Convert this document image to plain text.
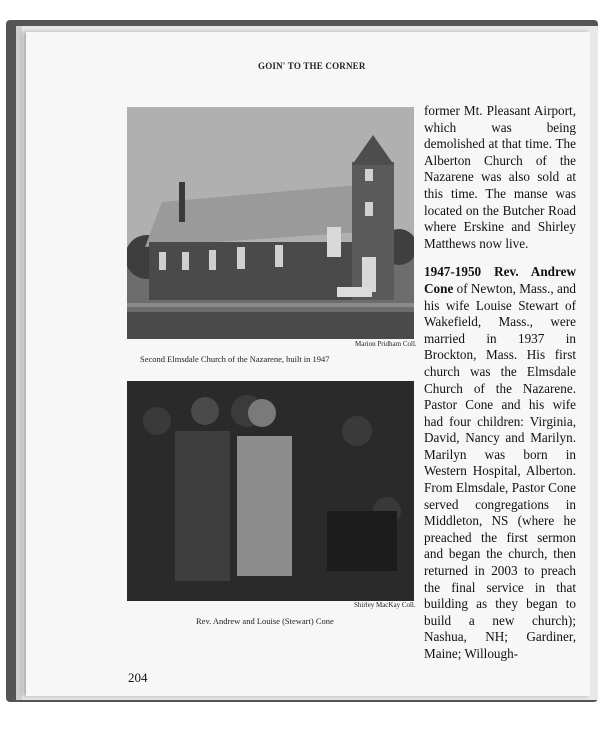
GOIN' TO THE CORNER
Marion Pridham Coll.
Second Elmsdale Church of the Nazarene, built in 1947
Shirley MacKay Coll.
Rev. Andrew and Louise (Stewart) Cone

former Mt. Pleasant Airport, which was being demolished at that time. The Alberton Church of the Nazarene was also sold at this time. The manse was located on the Butcher Road where Erskine and Shirley Matthews now live.

1947-1950 Rev. Andrew Cone of Newton, Mass., and his wife Louise Stewart of Wakefield, Mass., were married in 1937 in Brockton, Mass. His first church was the Elmsdale Church of the Nazarene. Pastor Cone and his wife had four children: Virginia, David, Nancy and Marilyn. Marilyn was born in Western Hospital, Alberton. From Elmsdale, Pastor Cone served congregations in Middleton, NS (where he preached the first sermon and began the church, then returned in 2003 to preach the final service in that building as they began to build a new church); Nashua, NH; Gardiner, Maine; Willough-

204
